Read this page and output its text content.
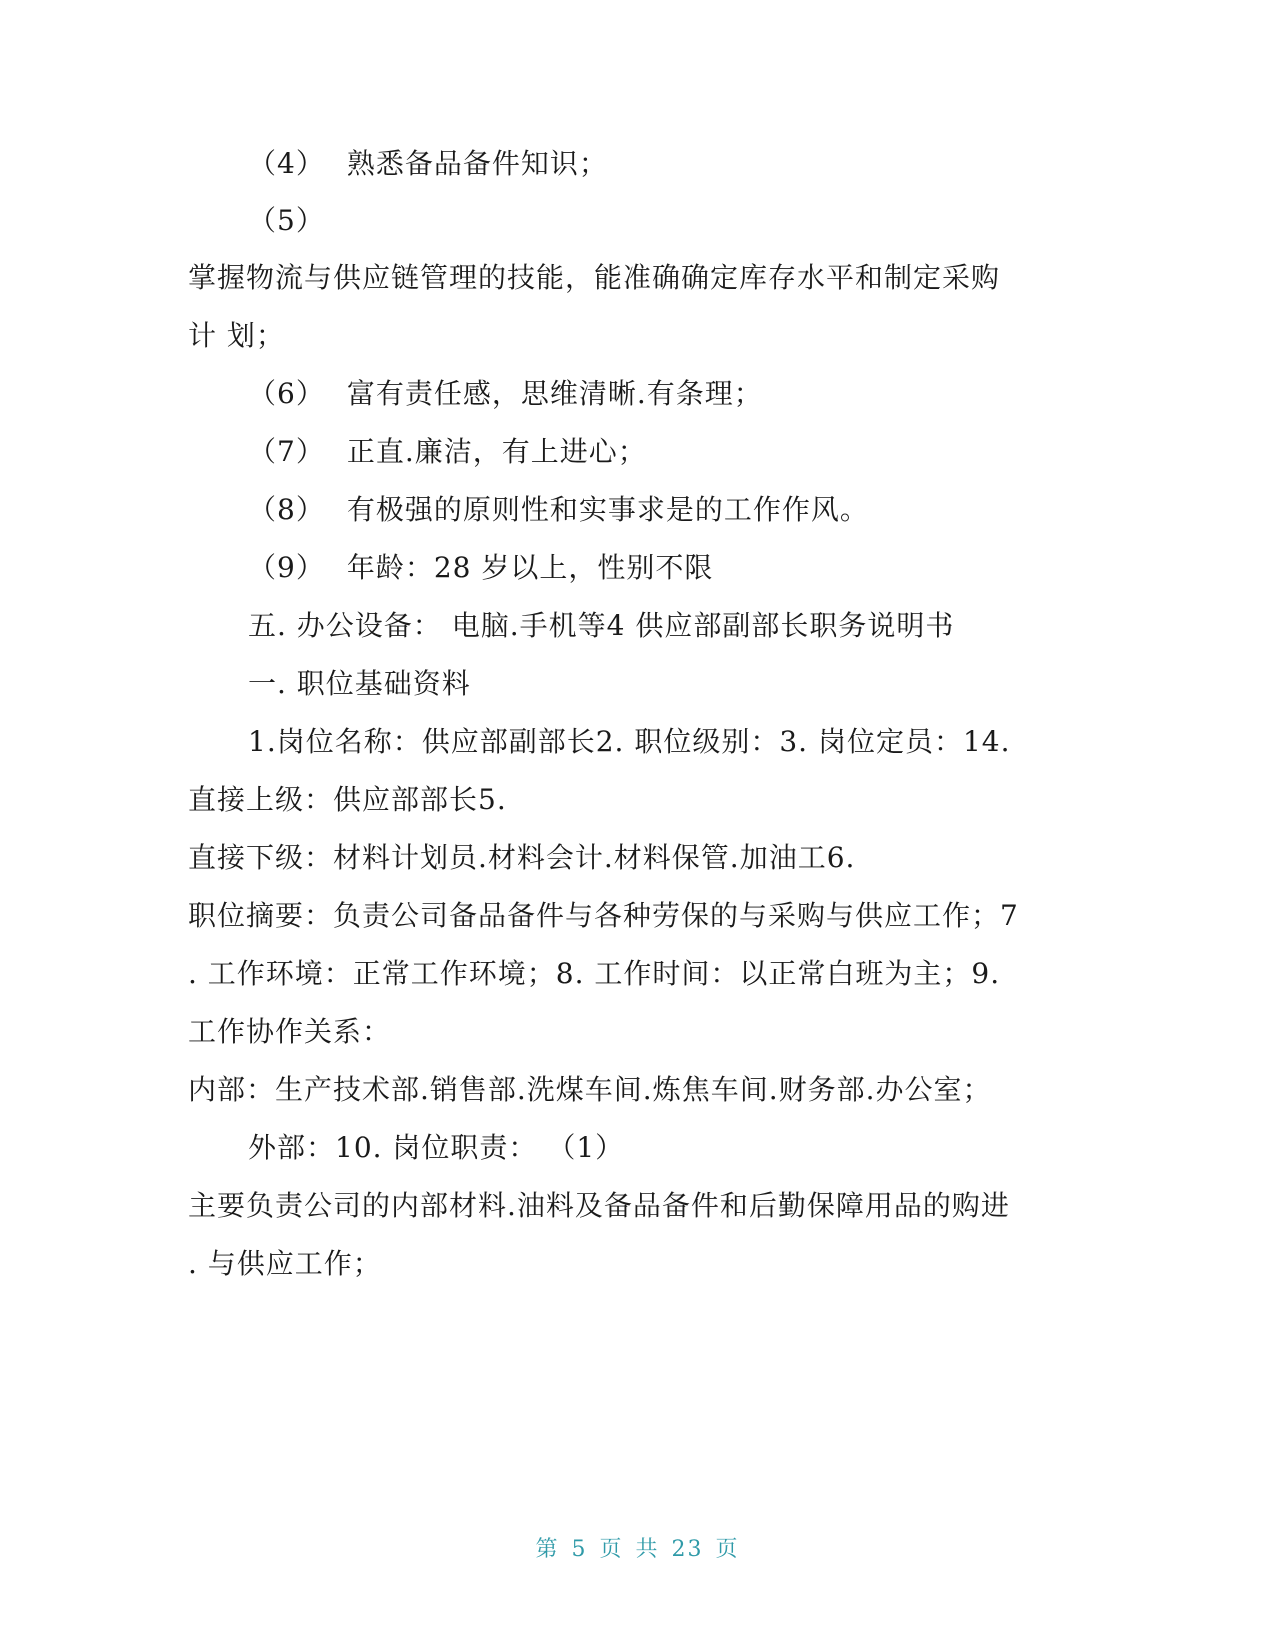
（4） 熟悉备品备件知识；
（5）
掌握物流与供应链管理的技能，能准确确定库存水平和制定采购
计 划；
（6） 富有责任感，思维清晰.有条理；
（7） 正直.廉洁，有上进心；
（8） 有极强的原则性和实事求是的工作作风。
（9） 年龄：28 岁以上，性别不限
五. 办公设备： 电脑.手机等4 供应部副部长职务说明书
一. 职位基础资料
1.岗位名称：供应部副部长2. 职位级别：3. 岗位定员：14.
直接上级：供应部部长5.
直接下级：材料计划员.材料会计.材料保管.加油工6.
职位摘要：负责公司备品备件与各种劳保的与采购与供应工作；7
. 工作环境：正常工作环境；8. 工作时间：以正常白班为主；9.
工作协作关系：
内部：生产技术部.销售部.洗煤车间.炼焦车间.财务部.办公室；
外部：10. 岗位职责： （1）
主要负责公司的内部材料.油料及备品备件和后勤保障用品的购进
. 与供应工作；
第 5 页 共 23 页
